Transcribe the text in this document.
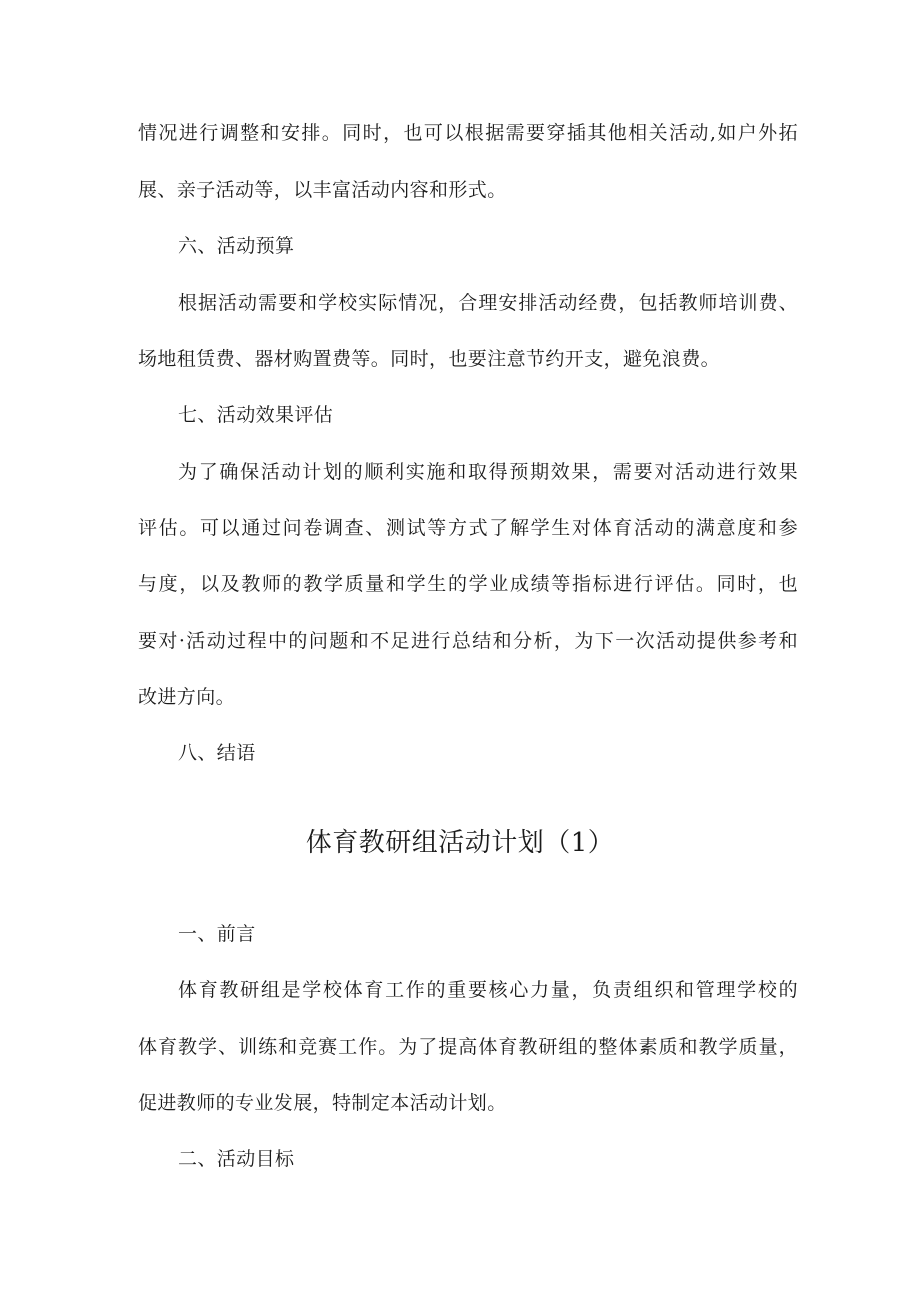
情况进行调整和安排。同时，也可以根据需要穿插其他相关活动,如户外拓
展、亲子活动等，以丰富活动内容和形式。
六、活动预算
根据活动需要和学校实际情况，合理安排活动经费，包括教师培训费、
场地租赁费、器材购置费等。同时，也要注意节约开支，避免浪费。
七、活动效果评估
为了确保活动计划的顺利实施和取得预期效果，需要对活动进行效果
评估。可以通过问卷调查、测试等方式了解学生对体育活动的满意度和参
与度，以及教师的教学质量和学生的学业成绩等指标进行评估。同时，也
要对·活动过程中的问题和不足进行总结和分析，为下一次活动提供参考和
改进方向。
八、结语
体育教研组活动计划（1）
一、前言
体育教研组是学校体育工作的重要核心力量，负责组织和管理学校的
体育教学、训练和竞赛工作。为了提高体育教研组的整体素质和教学质量，
促进教师的专业发展，特制定本活动计划。
二、活动目标
